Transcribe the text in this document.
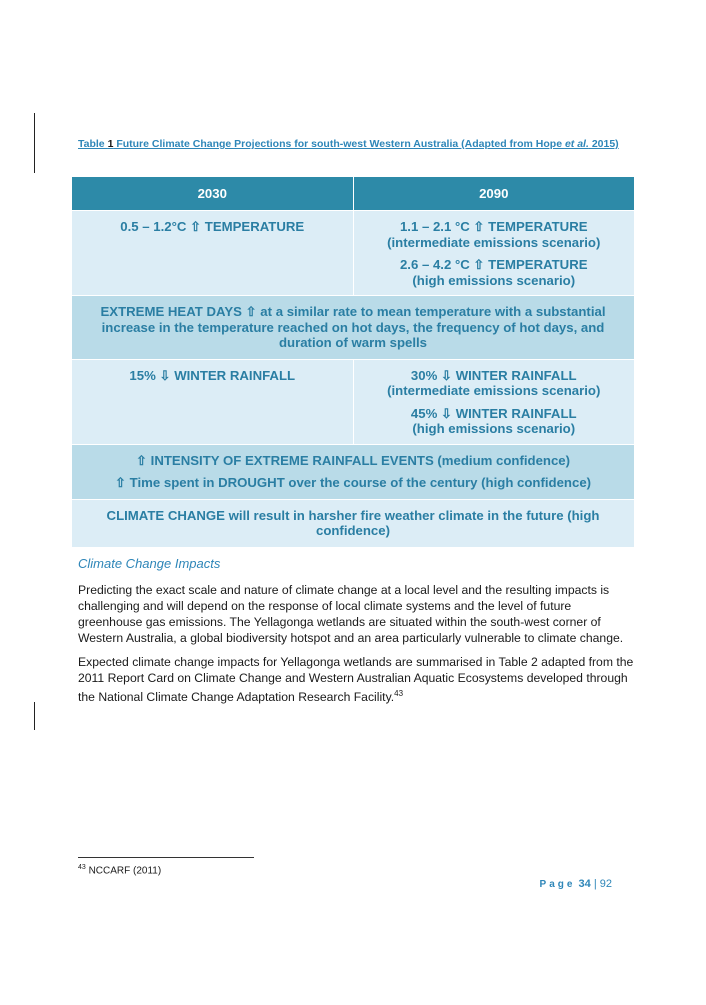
Table 1 Future Climate Change Projections for south-west Western Australia (Adapted from Hope et al. 2015)
2030	2090

0.5 – 1.2°C ⇧ TEMPERATURE	1.1 – 2.1 °C ⇧ TEMPERATURE
(intermediate emissions scenario)
2.6 – 4.2 °C ⇧ TEMPERATURE
(high emissions scenario)

EXTREME HEAT DAYS ⇧ at a similar rate to mean temperature with a substantial increase in the temperature reached on hot days, the frequency of hot days, and duration of warm spells	

15% ⇩ WINTER RAINFALL	30% ⇩ WINTER RAINFALL
(intermediate emissions scenario)
45% ⇩ WINTER RAINFALL
(high emissions scenario)

⇧ INTENSITY OF EXTREME RAINFALL EVENTS (medium confidence)
⇧ Time spent in DROUGHT over the course of the century (high confidence)	

CLIMATE CHANGE will result in harsher fire weather climate in the future (high confidence)	
Climate Change Impacts

Predicting the exact scale and nature of climate change at a local level and the resulting impacts is challenging and will depend on the response of local climate systems and the level of future greenhouse gas emissions. The Yellagonga wetlands are situated within the south-west corner of Western Australia, a global biodiversity hotspot and an area particularly vulnerable to climate change.

Expected climate change impacts for Yellagonga wetlands are summarised in Table 2 adapted from the 2011 Report Card on Climate Change and Western Australian Aquatic Ecosystems developed through the National Climate Change Adaptation Research Facility.$^{43}$

$^{43}$ NCCARF (2011)
Page 34 | 92
